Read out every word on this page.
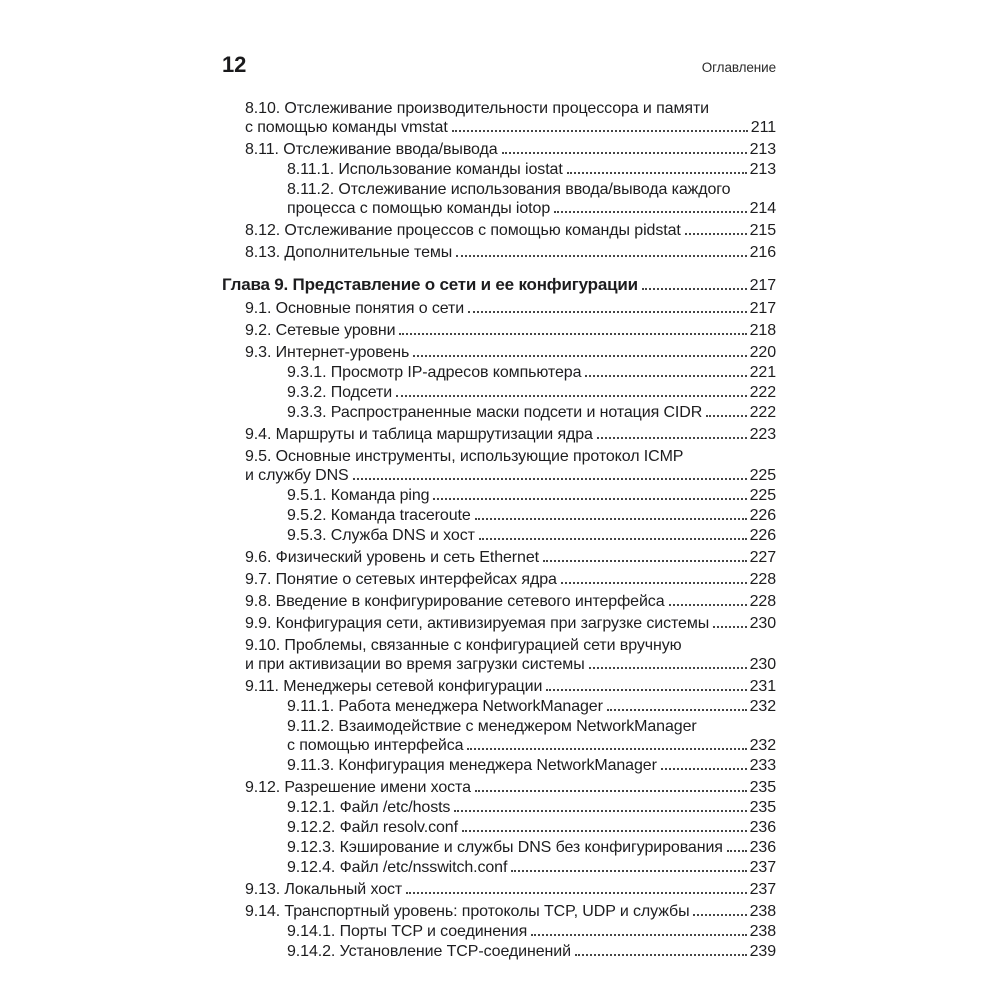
12	Оглавление
8.10. Отслеживание производительности процессора и памяти
с помощью команды vmstat	211
8.11. Отслеживание ввода/вывода	213
8.11.1. Использование команды iostat	213
8.11.2. Отслеживание использования ввода/вывода каждого
процесса с помощью команды iotop	214
8.12. Отслеживание процессов с помощью команды pidstat	215
8.13. Дополнительные темы	216
Глава 9. Представление о сети и ее конфигурации	217
9.1. Основные понятия о сети	217
9.2. Сетевые уровни	218
9.3. Интернет-уровень	220
9.3.1. Просмотр IP-адресов компьютера	221
9.3.2. Подсети	222
9.3.3. Распространенные маски подсети и нотация CIDR	222
9.4. Маршруты и таблица маршрутизации ядра	223
9.5. Основные инструменты, использующие протокол ICMP
и службу DNS	225
9.5.1. Команда ping	225
9.5.2. Команда traceroute	226
9.5.3. Служба DNS и хост	226
9.6. Физический уровень и сеть Ethernet	227
9.7. Понятие о сетевых интерфейсах ядра	228
9.8. Введение в конфигурирование сетевого интерфейса	228
9.9. Конфигурация сети, активизируемая при загрузке системы	230
9.10. Проблемы, связанные с конфигурацией сети вручную
и при активизации во время загрузки системы	230
9.11. Менеджеры сетевой конфигурации	231
9.11.1. Работа менеджера NetworkManager	232
9.11.2. Взаимодействие с менеджером NetworkManager
с помощью интерфейса	232
9.11.3. Конфигурация менеджера NetworkManager	233
9.12. Разрешение имени хоста	235
9.12.1. Файл /etc/hosts	235
9.12.2. Файл resolv.conf	236
9.12.3. Кэширование и службы DNS без конфигурирования 236
9.12.4. Файл /etc/nsswitch.conf	237
9.13. Локальный хост	237
9.14. Транспортный уровень: протоколы TCP, UDP и службы	238
9.14.1. Порты TCP и соединения	238
9.14.2. Установление TCP-соединений	239
